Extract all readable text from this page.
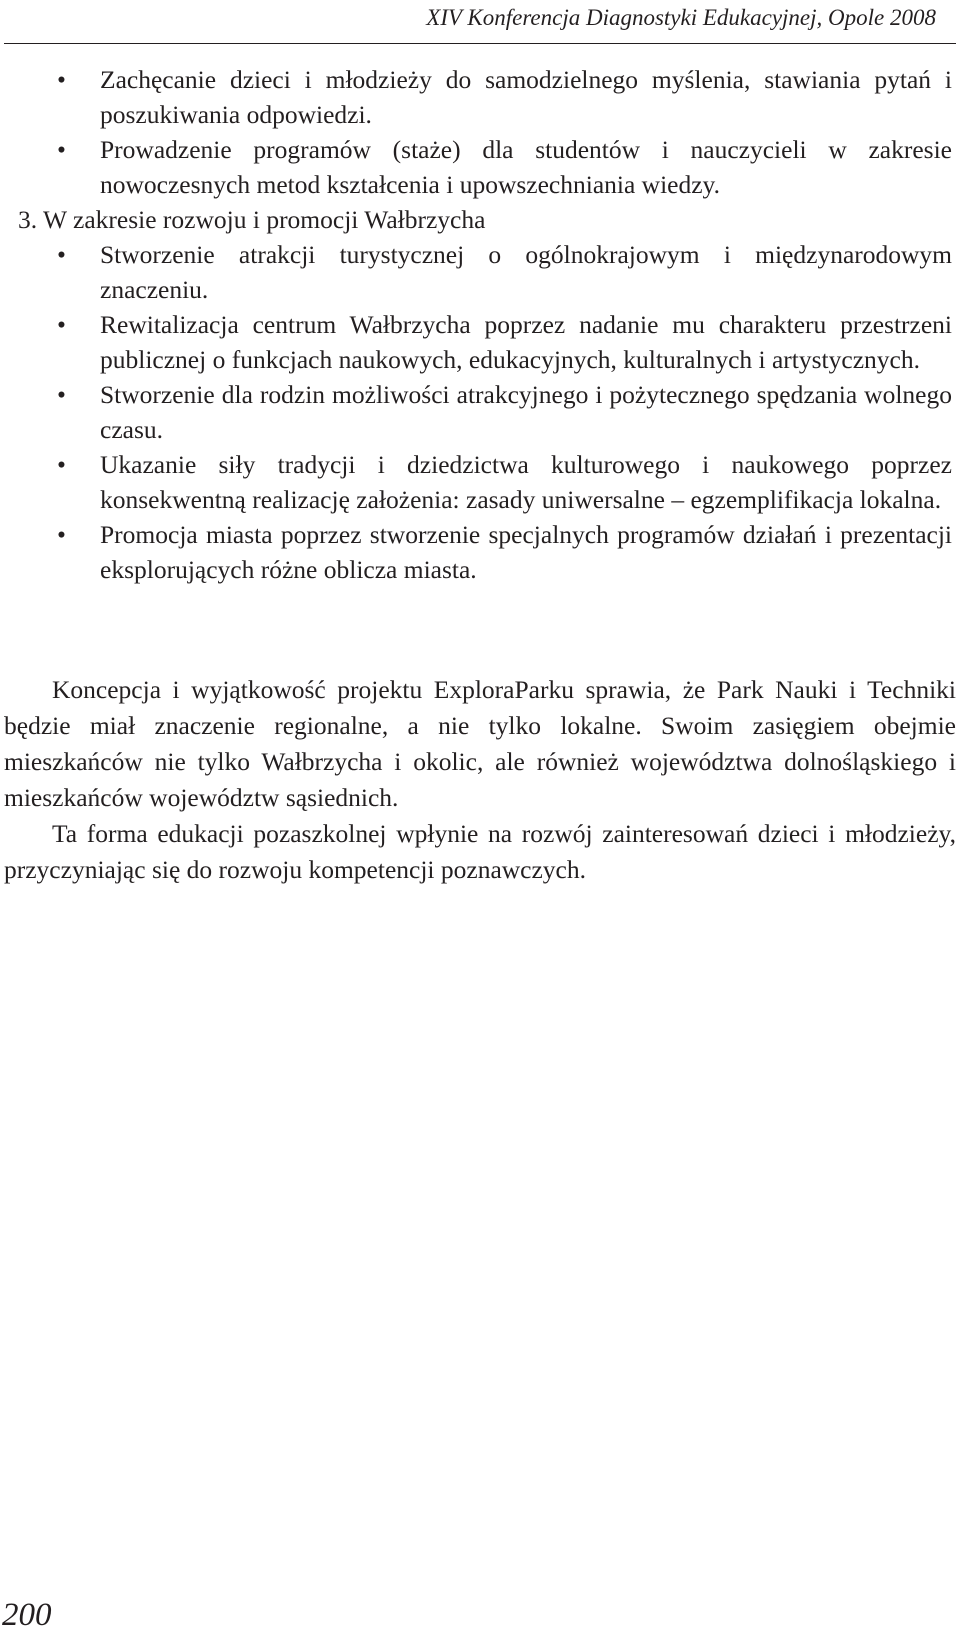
XIV Konferencja Diagnostyki Edukacyjnej, Opole 2008
• Zachęcanie dzieci i młodzieży do samodzielnego myślenia, stawiania pytań i poszukiwania odpowiedzi.
• Prowadzenie programów (staże) dla studentów i nauczycieli w zakresie nowoczesnych metod kształcenia i upowszechniania wiedzy.
3. W zakresie rozwoju i promocji Wałbrzycha
• Stworzenie atrakcji turystycznej o ogólnokrajowym i międzynarodowym znaczeniu.
• Rewitalizacja centrum Wałbrzycha poprzez nadanie mu charakteru przestrzeni publicznej o funkcjach naukowych, edukacyjnych, kulturalnych i artystycznych.
• Stworzenie dla rodzin możliwości atrakcyjnego i pożytecznego spędzania wolnego czasu.
• Ukazanie siły tradycji i dziedzictwa kulturowego i naukowego poprzez konsekwentną realizację założenia: zasady uniwersalne – egzemplifikacja lokalna.
• Promocja miasta poprzez stworzenie specjalnych programów działań i prezentacji eksplorujących różne oblicza miasta.

Koncepcja i wyjątkowość projektu ExploraParku sprawia, że Park Nauki i Techniki będzie miał znaczenie regionalne, a nie tylko lokalne. Swoim zasięgiem obejmie mieszkańców nie tylko Wałbrzycha i okolic, ale również województwa dolnośląskiego i mieszkańców województw sąsiednich.

Ta forma edukacji pozaszkolnej wpłynie na rozwój zainteresowań dzieci i młodzieży, przyczyniając się do rozwoju kompetencji poznawczych.

200
